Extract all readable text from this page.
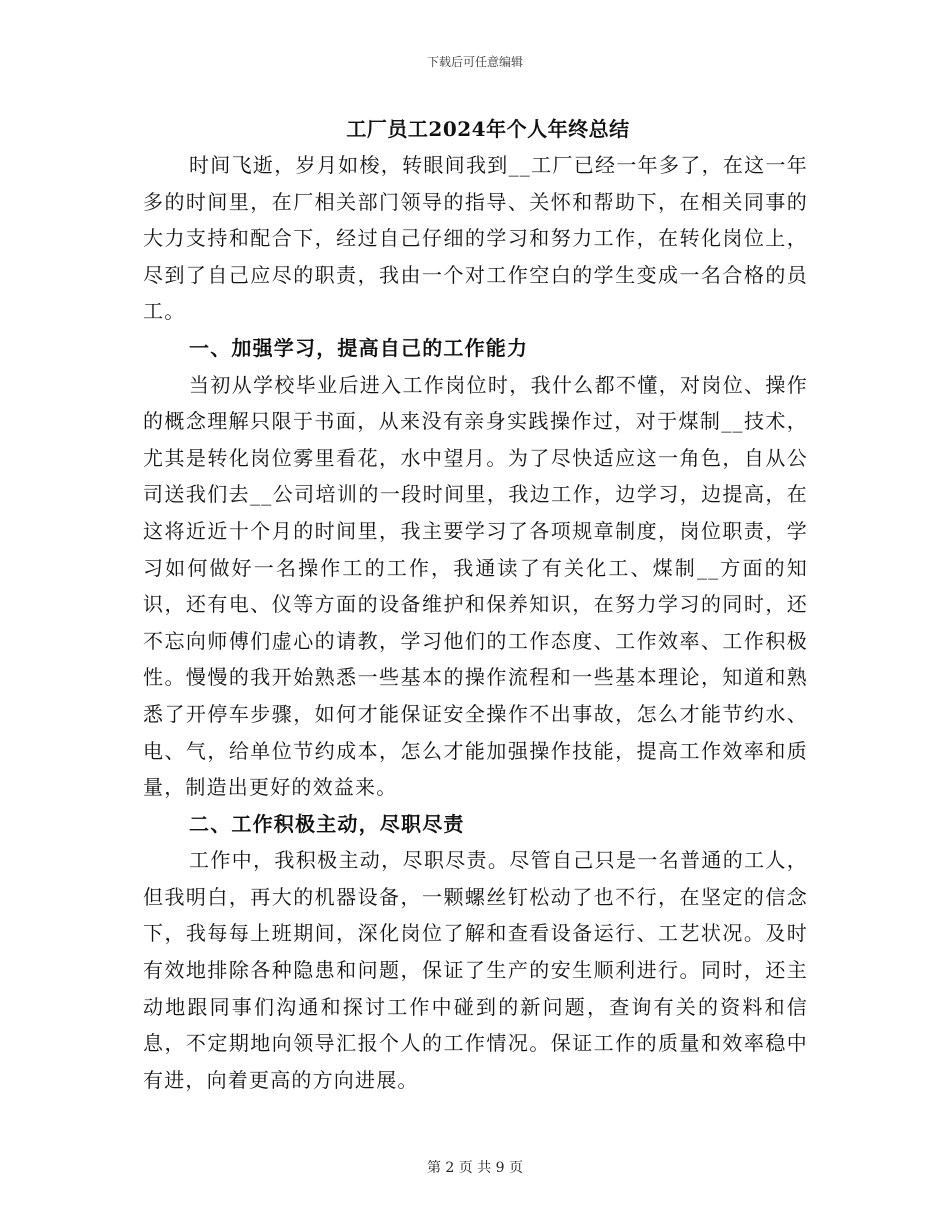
下载后可任意编辑
工厂员工2024年个人年终总结

时间飞逝，岁月如梭，转眼间我到__工厂已经一年多了，在这一年多的时间里，在厂相关部门领导的指导、关怀和帮助下，在相关同事的大力支持和配合下，经过自己仔细的学习和努力工作，在转化岗位上，尽到了自己应尽的职责，我由一个对工作空白的学生变成一名合格的员工。

一、加强学习，提高自己的工作能力

当初从学校毕业后进入工作岗位时，我什么都不懂，对岗位、操作的概念理解只限于书面，从来没有亲身实践操作过，对于煤制__技术，尤其是转化岗位雾里看花，水中望月。为了尽快适应这一角色，自从公司送我们去__公司培训的一段时间里，我边工作，边学习，边提高，在这将近近十个月的时间里，我主要学习了各项规章制度，岗位职责，学习如何做好一名操作工的工作，我通读了有关化工、煤制__方面的知识，还有电、仪等方面的设备维护和保养知识，在努力学习的同时，还不忘向师傅们虚心的请教，学习他们的工作态度、工作效率、工作积极性。慢慢的我开始熟悉一些基本的操作流程和一些基本理论，知道和熟悉了开停车步骤，如何才能保证安全操作不出事故，怎么才能节约水、电、气，给单位节约成本，怎么才能加强操作技能，提高工作效率和质量，制造出更好的效益来。

二、工作积极主动，尽职尽责

工作中，我积极主动，尽职尽责。尽管自己只是一名普通的工人，但我明白，再大的机器设备，一颗螺丝钉松动了也不行，在坚定的信念下，我每每上班期间，深化岗位了解和查看设备运行、工艺状况。及时有效地排除各种隐患和问题，保证了生产的安生顺利进行。同时，还主动地跟同事们沟通和探讨工作中碰到的新问题，查询有关的资料和信息，不定期地向领导汇报个人的工作情况。保证工作的质量和效率稳中有进，向着更高的方向进展。

第 2 页 共 9 页
